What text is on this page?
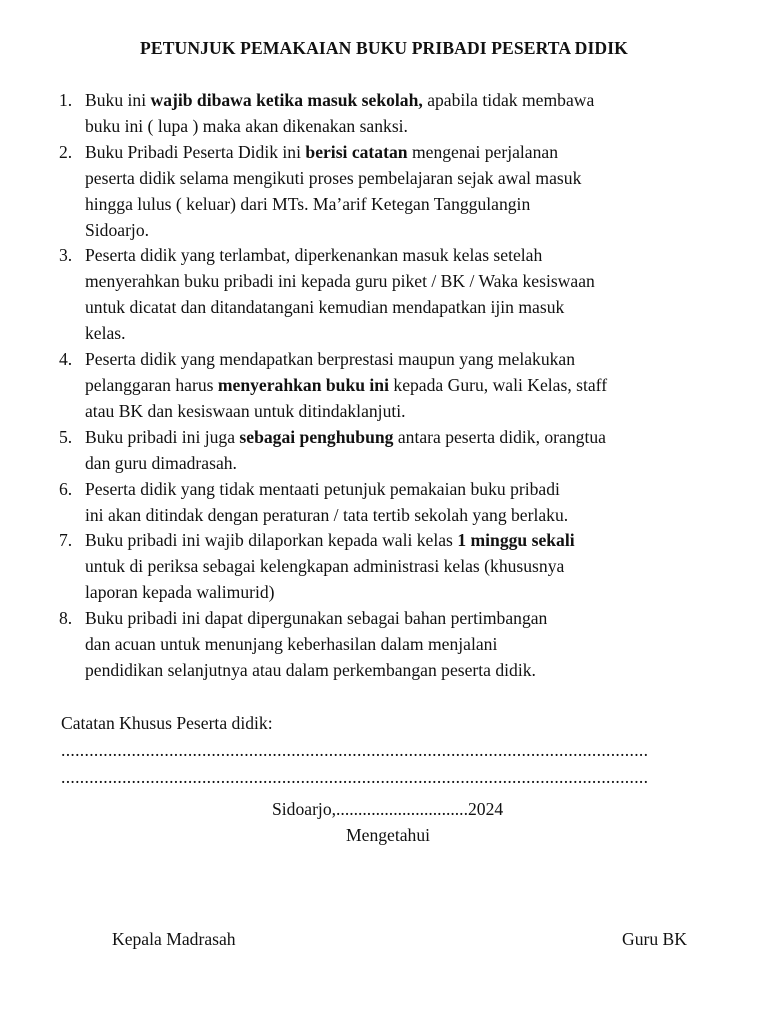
PETUNJUK PEMAKAIAN BUKU PRIBADI PESERTA DIDIK
1. Buku ini wajib dibawa ketika masuk sekolah, apabila tidak membawa
buku ini ( lupa ) maka akan dikenakan sanksi.
2. Buku Pribadi Peserta Didik ini berisi catatan mengenai perjalanan
peserta didik selama mengikuti proses pembelajaran sejak awal masuk
hingga lulus ( keluar) dari MTs. Ma’arif Ketegan Tanggulangin
Sidoarjo.
3. Peserta didik yang terlambat, diperkenankan masuk kelas setelah
menyerahkan buku pribadi ini kepada guru piket / BK / Waka kesiswaan
untuk dicatat dan ditandatangani kemudian mendapatkan ijin masuk
kelas.
4. Peserta didik yang mendapatkan berprestasi maupun yang melakukan
pelanggaran harus menyerahkan buku ini kepada Guru, wali Kelas, staff
atau BK dan kesiswaan untuk ditindaklanjuti.
5. Buku pribadi ini juga sebagai penghubung antara peserta didik, orangtua
dan guru dimadrasah.
6. Peserta didik yang tidak mentaati petunjuk pemakaian buku pribadi
ini akan ditindak dengan peraturan / tata tertib sekolah yang berlaku.
7. Buku pribadi ini wajib dilaporkan kepada wali kelas 1 minggu sekali
untuk di periksa sebagai kelengkapan administrasi kelas (khususnya
laporan kepada walimurid)
8. Buku pribadi ini dapat dipergunakan sebagai bahan pertimbangan
dan acuan untuk menunjang keberhasilan dalam menjalani
pendidikan selanjutnya atau dalam perkembangan peserta didik.
Catatan Khusus Peserta didik:
.............................................................................................................................
.............................................................................................................................
Sidoarjo,..............................2024
Mengetahui
Kepala Madrasah	Guru BK
